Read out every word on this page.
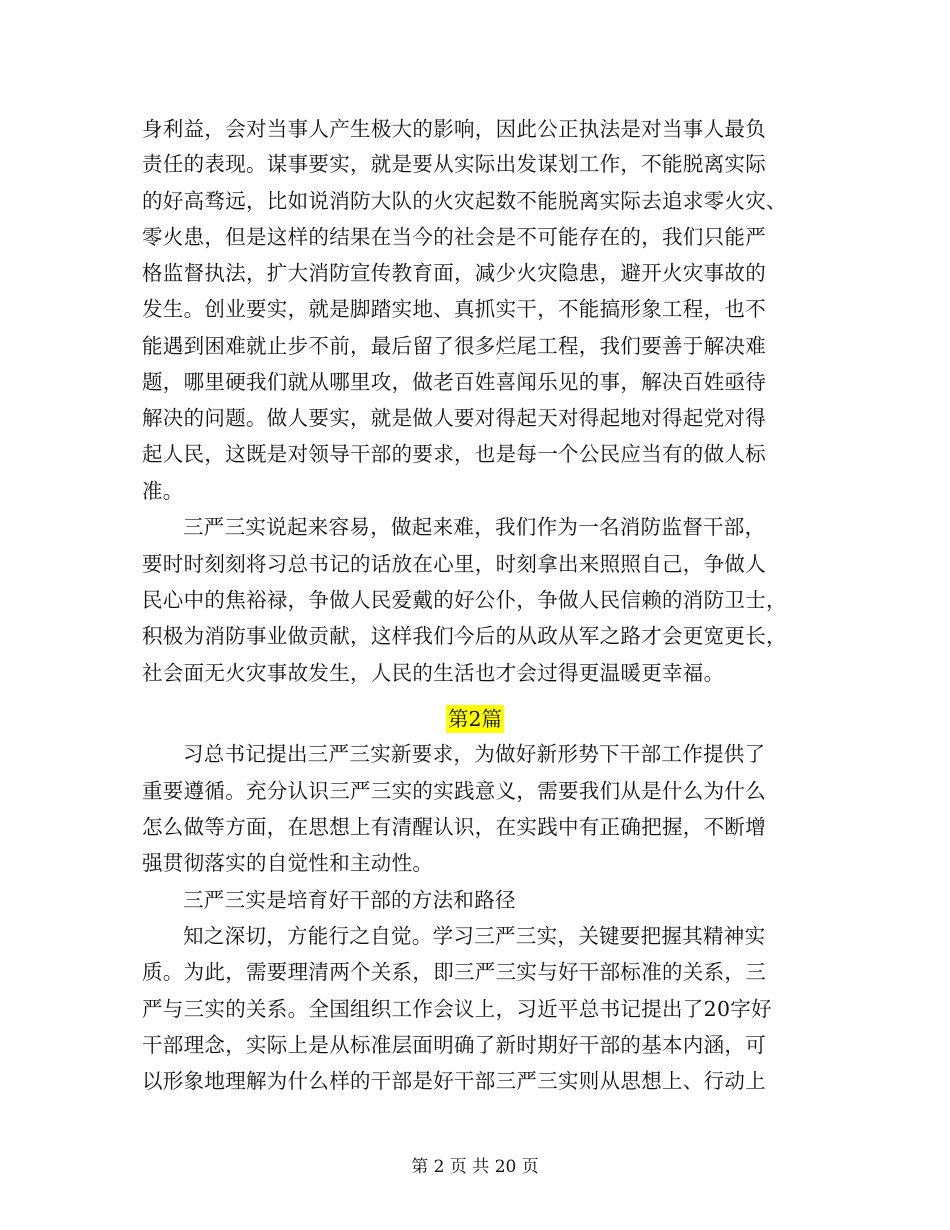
身利益，会对当事人产生极大的影响，因此公正执法是对当事人最负
责任的表现。谋事要实，就是要从实际出发谋划工作，不能脱离实际
的好高骛远，比如说消防大队的火灾起数不能脱离实际去追求零火灾、
零火患，但是这样的结果在当今的社会是不可能存在的，我们只能严
格监督执法，扩大消防宣传教育面，减少火灾隐患，避开火灾事故的
发生。创业要实，就是脚踏实地、真抓实干，不能搞形象工程，也不
能遇到困难就止步不前，最后留了很多烂尾工程，我们要善于解决难
题，哪里硬我们就从哪里攻，做老百姓喜闻乐见的事，解决百姓亟待
解决的问题。做人要实，就是做人要对得起天对得起地对得起党对得
起人民，这既是对领导干部的要求，也是每一个公民应当有的做人标
准。
三严三实说起来容易，做起来难，我们作为一名消防监督干部，
要时时刻刻将习总书记的话放在心里，时刻拿出来照照自己，争做人
民心中的焦裕禄，争做人民爱戴的好公仆，争做人民信赖的消防卫士，
积极为消防事业做贡献，这样我们今后的从政从军之路才会更宽更长，
社会面无火灾事故发生，人民的生活也才会过得更温暖更幸福。
第2篇
习总书记提出三严三实新要求，为做好新形势下干部工作提供了
重要遵循。充分认识三严三实的实践意义，需要我们从是什么为什么
怎么做等方面，在思想上有清醒认识，在实践中有正确把握，不断增
强贯彻落实的自觉性和主动性。
三严三实是培育好干部的方法和路径
知之深切，方能行之自觉。学习三严三实，关键要把握其精神实
质。为此，需要理清两个关系，即三严三实与好干部标准的关系，三
严与三实的关系。全国组织工作会议上，习近平总书记提出了20字好
干部理念，实际上是从标准层面明确了新时期好干部的基本内涵，可
以形象地理解为什么样的干部是好干部三严三实则从思想上、行动上
第 2 页 共 20 页
